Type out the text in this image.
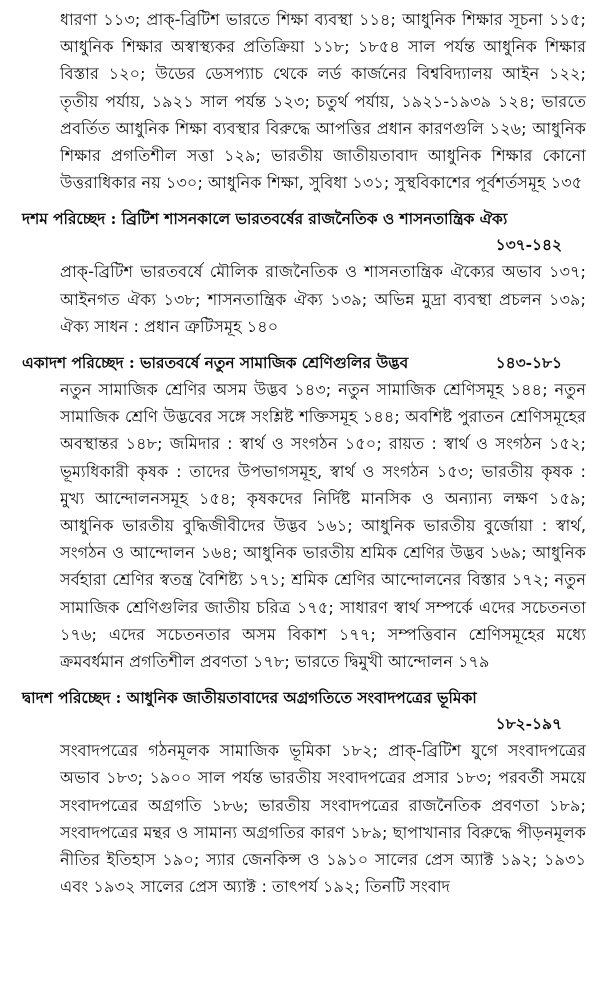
ধারণা ১১৩; প্রাক্-ব্রিটিশ ভারতে শিক্ষা ব্যবস্থা ১১৪; আধুনিক শিক্ষার সূচনা ১১৫; আধুনিক শিক্ষার অস্বাস্থ্যকর প্রতিক্রিয়া ১১৮; ১৮৫৪ সাল পর্যন্ত আধুনিক শিক্ষার বিস্তার ১২০; উডের ডেসপ্যাচ থেকে লর্ড কার্জনের বিশ্ববিদ্যালয় আইন ১২২; তৃতীয় পর্যায়, ১৯২১ সাল পর্যন্ত ১২৩; চতুর্থ পর্যায়, ১৯২১-১৯৩৯ ১২৪; ভারতে প্রবর্তিত আধুনিক শিক্ষা ব্যবস্থার বিরুদ্ধে আপত্তির প্রধান কারণগুলি ১২৬; আধুনিক শিক্ষার প্রগতিশীল সত্তা ১২৯; ভারতীয় জাতীয়তাবাদ আধুনিক শিক্ষার কোনো উত্তরাধিকার নয় ১৩০; আধুনিক শিক্ষা, সুবিধা ১৩১; সুস্থবিকাশের পূর্বশর্তসমূহ ১৩৫

দশম পরিচ্ছেদ : ব্রিটিশ শাসনকালে ভারতবর্ষের রাজনৈতিক ও শাসনতান্ত্রিক ঐক্য
১৩৭-১৪২

প্রাক্-ব্রিটিশ ভারতবর্ষে মৌলিক রাজনৈতিক ও শাসনতান্ত্রিক ঐক্যের অভাব ১৩৭; আইনগত ঐক্য ১৩৮; শাসনতান্ত্রিক ঐক্য ১৩৯; অভিন্ন মুদ্রা ব্যবস্থা প্রচলন ১৩৯; ঐক্য সাধন : প্রধান ত্রুটিসমূহ ১৪০

একাদশ পরিচ্ছেদ : ভারতবর্ষে নতুন সামাজিক শ্রেণিগুলির উদ্ভব	১৪৩-১৮১

নতুন সামাজিক শ্রেণির অসম উদ্ভব ১৪৩; নতুন সামাজিক শ্রেণিসমূহ ১৪৪; নতুন সামাজিক শ্রেণি উদ্ভবের সঙ্গে সংশ্লিষ্ট শক্তিসমূহ ১৪৪; অবশিষ্ট পুরাতন শ্রেণিসমূহের অবস্থান্তর ১৪৮; জমিদার : স্বার্থ ও সংগঠন ১৫০; রায়ত : স্বার্থ ও সংগঠন ১৫২; ভূম্যধিকারী কৃষক : তাদের উপভাগসমূহ, স্বার্থ ও সংগঠন ১৫৩; ভারতীয় কৃষক : মুখ্য আন্দোলনসমূহ ১৫৪; কৃষকদের নির্দিষ্ট মানসিক ও অন্যান্য লক্ষণ ১৫৯; আধুনিক ভারতীয় বুদ্ধিজীবীদের উদ্ভব ১৬১; আধুনিক ভারতীয় বুর্জোয়া : স্বার্থ, সংগঠন ও আন্দোলন ১৬৪; আধুনিক ভারতীয় শ্রমিক শ্রেণির উদ্ভব ১৬৯; আধুনিক সর্বহারা শ্রেণির স্বতন্ত্র বৈশিষ্ট্য ১৭১; শ্রমিক শ্রেণির আন্দোলনের বিস্তার ১৭২; নতুন সামাজিক শ্রেণিগুলির জাতীয় চরিত্র ১৭৫; সাধারণ স্বার্থ সম্পর্কে এদের সচেতনতা ১৭৬; এদের সচেতনতার অসম বিকাশ ১৭৭; সম্পত্তিবান শ্রেণিসমূহের মধ্যে ক্রমবর্ধমান প্রগতিশীল প্রবণতা ১৭৮; ভারতে দ্বিমুখী আন্দোলন ১৭৯

দ্বাদশ পরিচ্ছেদ : আধুনিক জাতীয়তাবাদের অগ্রগতিতে সংবাদপত্রের ভূমিকা
১৮২-১৯৭

সংবাদপত্রের গঠনমূলক সামাজিক ভূমিকা ১৮২; প্রাক্-ব্রিটিশ যুগে সংবাদপত্রের অভাব ১৮৩; ১৯০০ সাল পর্যন্ত ভারতীয় সংবাদপত্রের প্রসার ১৮৩; পরবর্তী সময়ে সংবাদপত্রের অগ্রগতি ১৮৬; ভারতীয় সংবাদপত্রের রাজনৈতিক প্রবণতা ১৮৯; সংবাদপত্রের মন্থর ও সামান্য অগ্রগতির কারণ ১৮৯; ছাপাখানার বিরুদ্ধে পীড়নমূলক নীতির ইতিহাস ১৯০; স্যার জেনকিন্স ও ১৯১০ সালের প্রেস অ্যাক্ট ১৯২; ১৯৩১ এবং ১৯৩২ সালের প্রেস অ্যাক্ট : তাৎপর্য ১৯২; তিনটি সংবাদ
